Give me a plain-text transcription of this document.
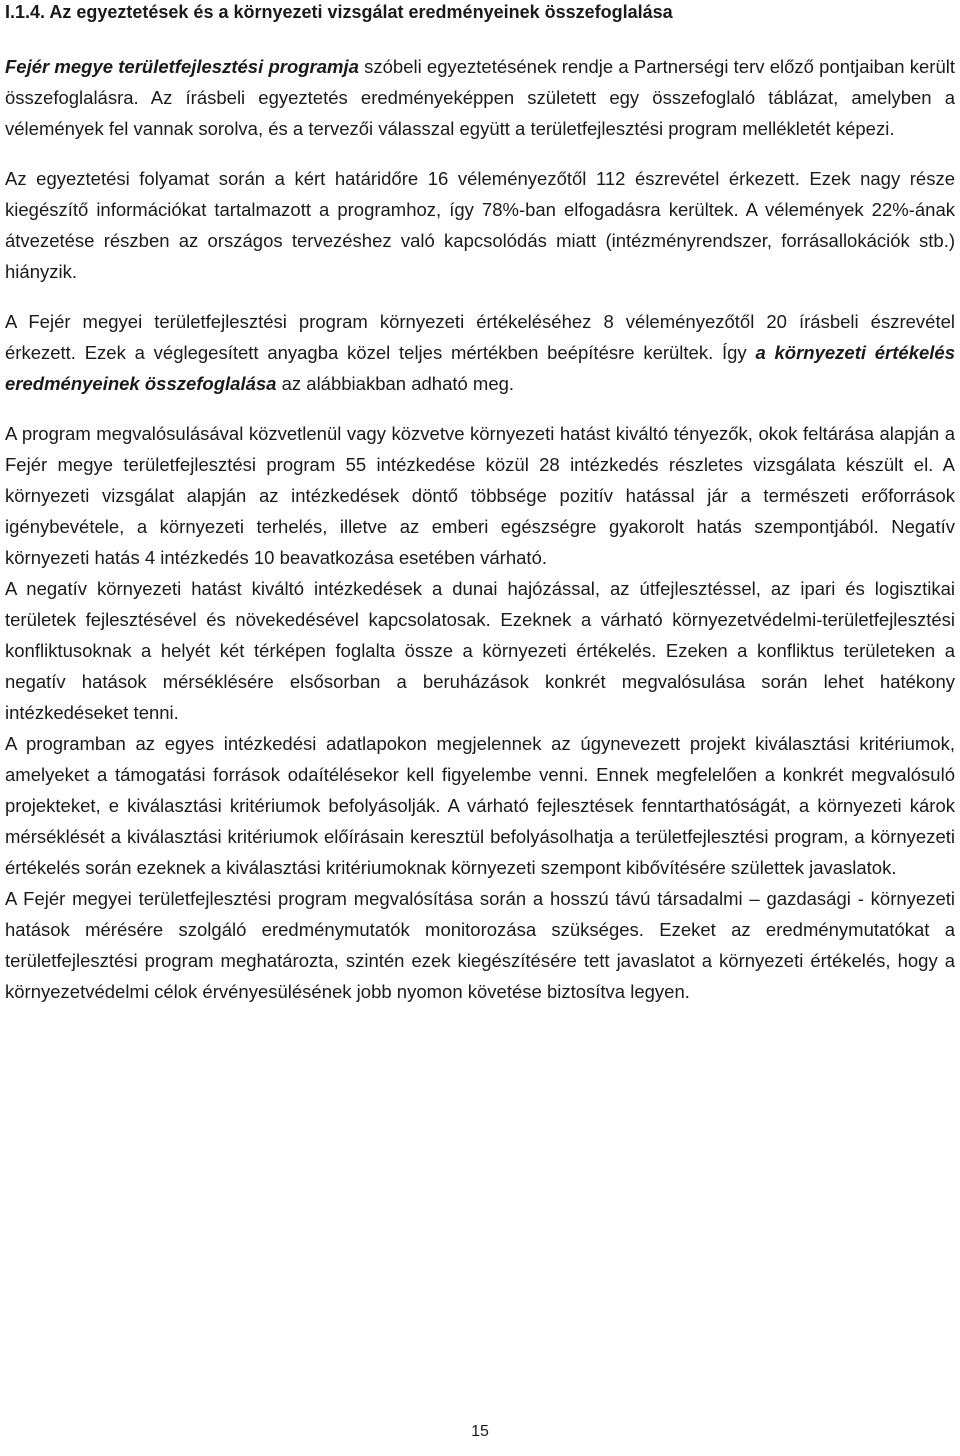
I.1.4. Az egyeztetések és a környezeti vizsgálat eredményeinek összefoglalása

Fejér megye területfejlesztési programja szóbeli egyeztetésének rendje a Partnerségi terv előző pontjaiban került összefoglalásra. Az írásbeli egyeztetés eredményeképpen született egy összefoglaló táblázat, amelyben a vélemények fel vannak sorolva, és a tervezői válasszal együtt a területfejlesztési program mellékletét képezi.

Az egyeztetési folyamat során a kért határidőre 16 véleményezőtől 112 észrevétel érkezett. Ezek nagy része kiegészítő információkat tartalmazott a programhoz, így 78%-ban elfogadásra kerültek. A vélemények 22%-ának átvezetése részben az országos tervezéshez való kapcsolódás miatt (intézményrendszer, forrásallokációk stb.) hiányzik.

A Fejér megyei területfejlesztési program környezeti értékeléséhez 8 véleményezőtől 20 írásbeli észrevétel érkezett. Ezek a véglegesített anyagba közel teljes mértékben beépítésre kerültek. Így a környezeti értékelés eredményeinek összefoglalása az alábbiakban adható meg.

A program megvalósulásával közvetlenül vagy közvetve környezeti hatást kiváltó tényezők, okok feltárása alapján a Fejér megye területfejlesztési program 55 intézkedése közül 28 intézkedés részletes vizsgálata készült el. A környezeti vizsgálat alapján az intézkedések döntő többsége pozitív hatással jár a természeti erőforrások igénybevétele, a környezeti terhelés, illetve az emberi egészségre gyakorolt hatás szempontjából. Negatív környezeti hatás 4 intézkedés 10 beavatkozása esetében várható.

A negatív környezeti hatást kiváltó intézkedések a dunai hajózással, az útfejlesztéssel, az ipari és logisztikai területek fejlesztésével és növekedésével kapcsolatosak. Ezeknek a várható környezetvédelmi-területfejlesztési konfliktusoknak a helyét két térképen foglalta össze a környezeti értékelés. Ezeken a konfliktus területeken a negatív hatások mérséklésére elsősorban a beruházások konkrét megvalósulása során lehet hatékony intézkedéseket tenni.

A programban az egyes intézkedési adatlapokon megjelennek az úgynevezett projekt kiválasztási kritériumok, amelyeket a támogatási források odaítélésekor kell figyelembe venni. Ennek megfelelően a konkrét megvalósuló projekteket, e kiválasztási kritériumok befolyásolják. A várható fejlesztések fenntarthatóságát, a környezeti károk mérséklését a kiválasztási kritériumok előírásain keresztül befolyásolhatja a területfejlesztési program, a környezeti értékelés során ezeknek a kiválasztási kritériumoknak környezeti szempont kibővítésére születtek javaslatok.

A Fejér megyei területfejlesztési program megvalósítása során a hosszú távú társadalmi – gazdasági - környezeti hatások mérésére szolgáló eredménymutatók monitorozása szükséges. Ezeket az eredménymutatókat a területfejlesztési program meghatározta, szintén ezek kiegészítésére tett javaslatot a környezeti értékelés, hogy a környezetvédelmi célok érvényesülésének jobb nyomon követése biztosítva legyen.

15
